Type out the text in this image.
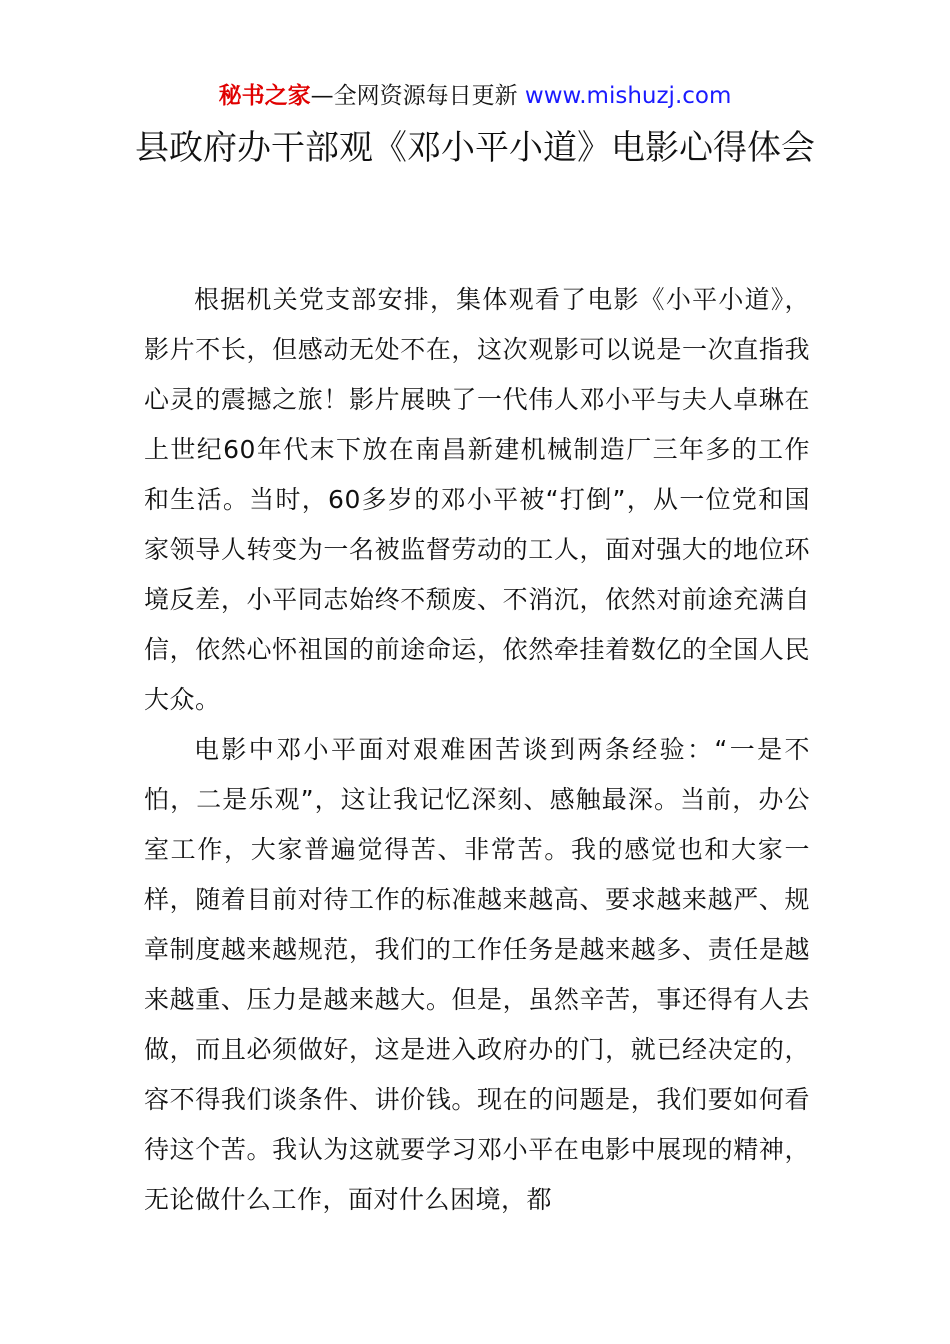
秘书之家—全网资源每日更新 www.mishuzj.com
县政府办干部观《邓小平小道》电影心得体会

根据机关党支部安排，集体观看了电影《小平小道》，影片不长，但感动无处不在，这次观影可以说是一次直指我心灵的震撼之旅！影片展映了一代伟人邓小平与夫人卓琳在上世纪60年代末下放在南昌新建机械制造厂三年多的工作和生活。当时，60多岁的邓小平被“打倒”，从一位党和国家领导人转变为一名被监督劳动的工人，面对强大的地位环境反差，小平同志始终不颓废、不消沉，依然对前途充满自信，依然心怀祖国的前途命运，依然牵挂着数亿的全国人民大众。

电影中邓小平面对艰难困苦谈到两条经验：“一是不怕，二是乐观”，这让我记忆深刻、感触最深。当前，办公室工作，大家普遍觉得苦、非常苦。我的感觉也和大家一样，随着目前对待工作的标准越来越高、要求越来越严、规章制度越来越规范，我们的工作任务是越来越多、责任是越来越重、压力是越来越大。但是，虽然辛苦，事还得有人去做，而且必须做好，这是进入政府办的门，就已经决定的，容不得我们谈条件、讲价钱。现在的问题是，我们要如何看待这个苦。我认为这就要学习邓小平在电影中展现的精神，无论做什么工作，面对什么困境，都
